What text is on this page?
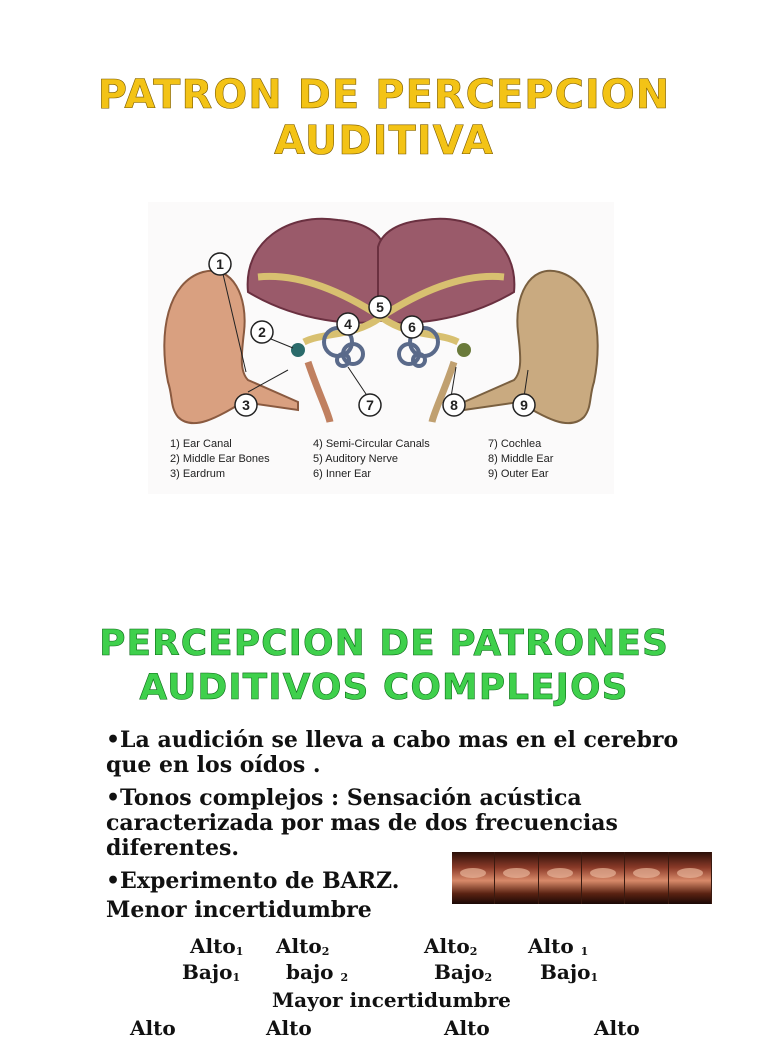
PATRON DE PERCEPCION
AUDITIVA
1
2
3
4
5
6
7	8	9
1) Ear Canal
2) Middle Ear Bones
3) Eardrum
4) Semi-Circular Canals
5) Auditory Nerve
6) Inner Ear
7) Cochlea
8) Middle Ear
9) Outer Ear
PERCEPCION DE PATRONES
AUDITIVOS COMPLEJOS
•La audición se lleva a cabo mas en el cerebro que en los oídos .
•Tonos complejos : Sensación acústica caracterizada por mas de dos frecuencias diferentes.
•Experimento de BARZ.
Menor incertidumbre
Alto$_1$ Alto$_2$	Alto$_2$	Alto $_1$
Bajo$_1$ bajo $_2$	Bajo$_2$ Bajo$_1$
Mayor incertidumbre
Alto	Alto	Alto	Alto
